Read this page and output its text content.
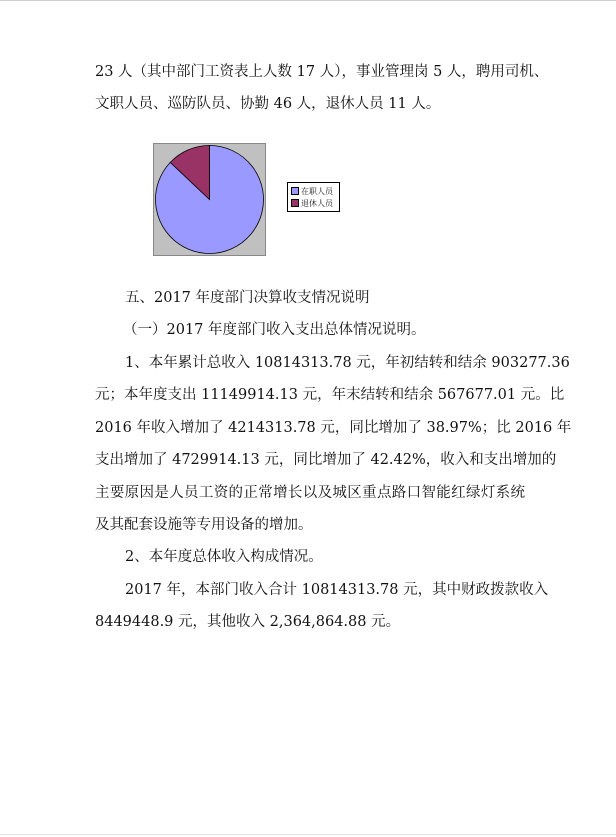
23 人（其中部门工资表上人数 17 人），事业管理岗 5 人，聘用司机、
文职人员、巡防队员、协勤 46 人，退休人员 11 人。
在职人员
退休人员
五、2017 年度部门决算收支情况说明
（一）2017 年度部门收入支出总体情况说明。
1、本年累计总收入 10814313.78 元，年初结转和结余 903277.36
元；本年度支出 11149914.13 元，年末结转和结余 567677.01 元。比
2016 年收入增加了 4214313.78 元，同比增加了 38.97%；比 2016 年
支出增加了 4729914.13 元，同比增加了 42.42%，收入和支出增加的
主要原因是人员工资的正常增长以及城区重点路口智能红绿灯系统
及其配套设施等专用设备的增加。
2、本年度总体收入构成情况。
2017 年，本部门收入合计 10814313.78 元，其中财政拨款收入
8449448.9 元，其他收入 2,364,864.88 元。
